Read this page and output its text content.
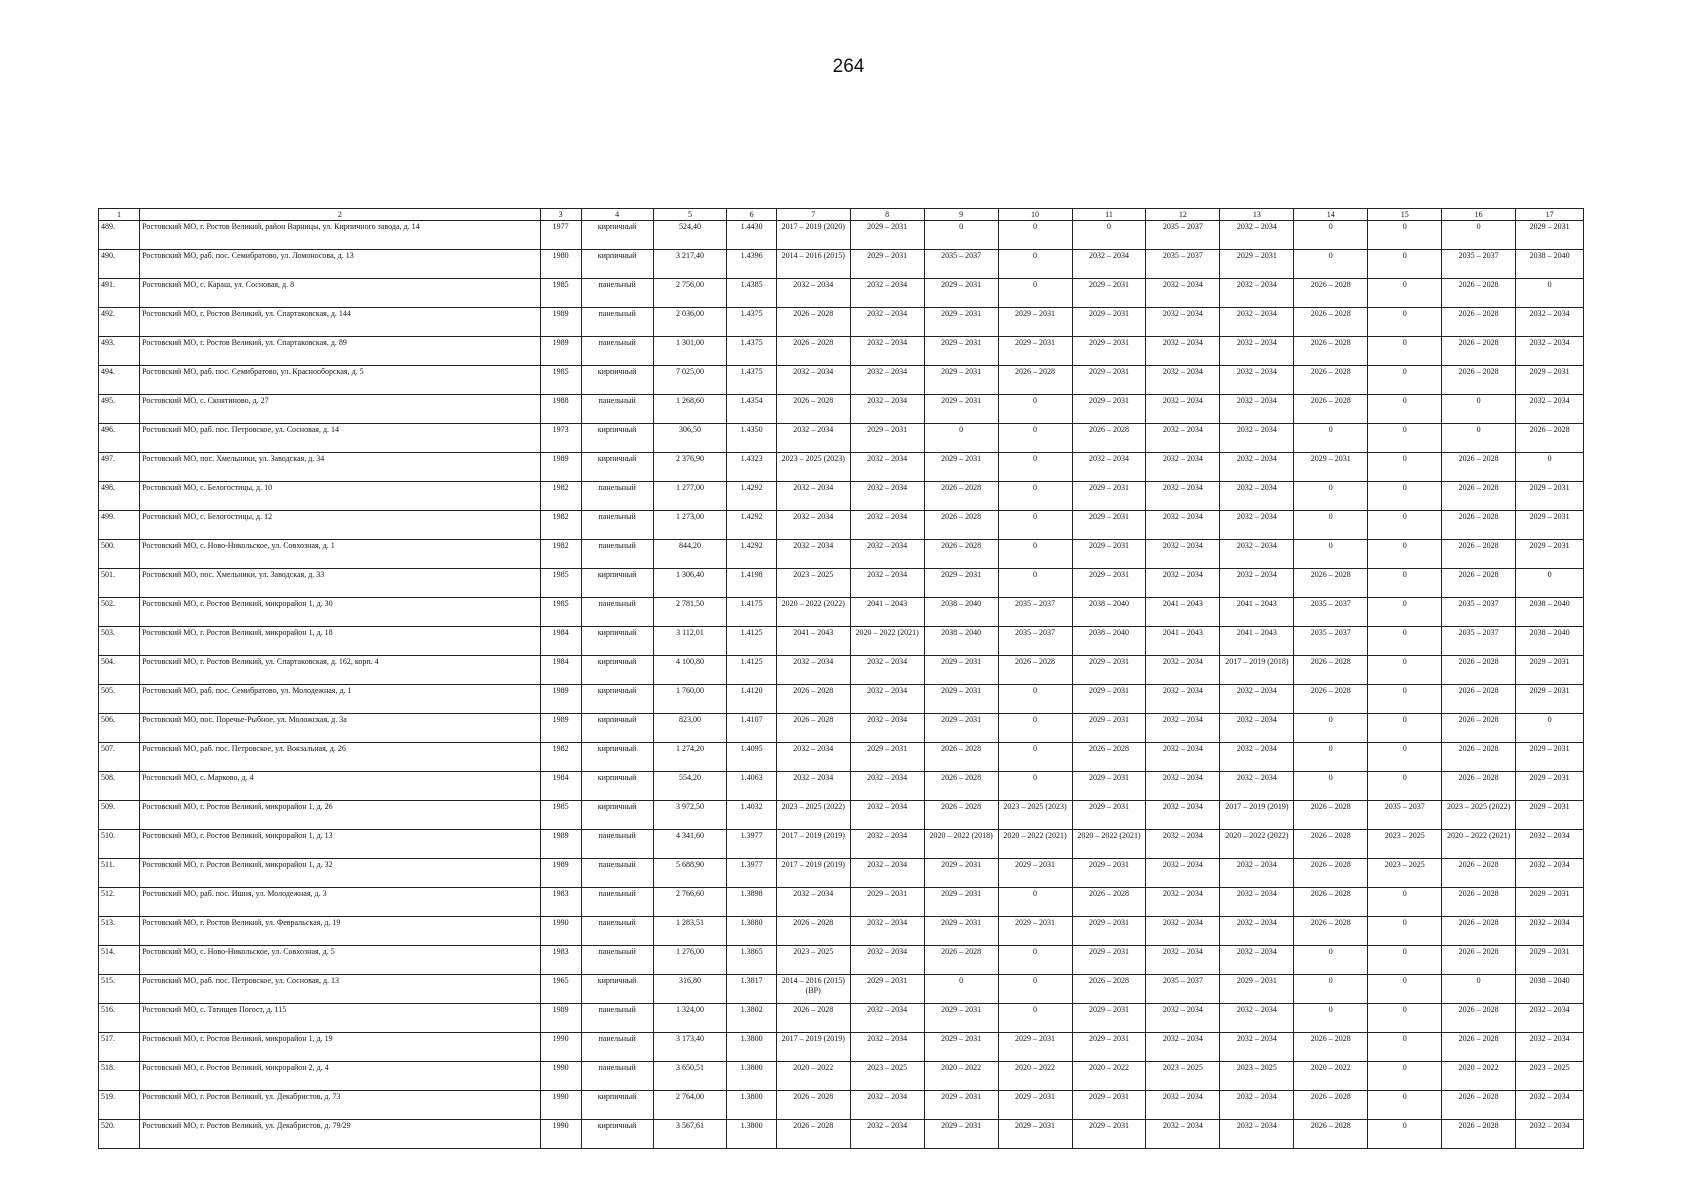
264
1	2	3	4	5	6	7	8	9	10	11	12	13	14	15	16	17
489.	Ростовский МО, г. Ростов Великий, район Варницы, ул. Кирпичного завода, д. 14	1977	кирпичный	524,40	1.4430	2017 – 2019 (2020)	2029 – 2031	0	0	0	2035 – 2037	2032 – 2034	0	0	0	2029 – 2031
490.	Ростовский МО, раб. пос. Семибратово, ул. Ломоносова, д. 13	1980	кирпичный	3 217,40	1.4396	2014 – 2016 (2015)	2029 – 2031	2035 – 2037	0	2032 – 2034	2035 – 2037	2029 – 2031	0	0	2035 – 2037	2038 – 2040
491.	Ростовский МО, с. Караш, ул. Сосновая, д. 8	1985	панельный	2 756,00	1.4385	2032 – 2034	2032 – 2034	2029 – 2031	0	2029 – 2031	2032 – 2034	2032 – 2034	2026 – 2028	0	2026 – 2028	0
492.	Ростовский МО, г. Ростов Великий, ул. Спартаковская, д. 144	1989	панельный	2 036,00	1.4375	2026 – 2028	2032 – 2034	2029 – 2031	2029 – 2031	2029 – 2031	2032 – 2034	2032 – 2034	2026 – 2028	0	2026 – 2028	2032 – 2034
493.	Ростовский МО, г. Ростов Великий, ул. Спартаковская, д. 89	1989	панельный	1 301,00	1.4375	2026 – 2028	2032 – 2034	2029 – 2031	2029 – 2031	2029 – 2031	2032 – 2034	2032 – 2034	2026 – 2028	0	2026 – 2028	2032 – 2034
494.	Ростовский МО, раб. пос. Семибратово, ул. Краснооборская, д. 5	1985	кирпичный	7 025,00	1.4375	2032 – 2034	2032 – 2034	2029 – 2031	2026 – 2028	2029 – 2031	2032 – 2034	2032 – 2034	2026 – 2028	0	2026 – 2028	2029 – 2031
495.	Ростовский МО, с. Скнятиново, д. 27	1988	панельный	1 268,60	1.4354	2026 – 2028	2032 – 2034	2029 – 2031	0	2029 – 2031	2032 – 2034	2032 – 2034	2026 – 2028	0	0	2032 – 2034
496.	Ростовский МО, раб. пос. Петровское, ул. Сосновая, д. 14	1973	кирпичный	306,50	1.4350	2032 – 2034	2029 – 2031	0	0	2026 – 2028	2032 – 2034	2032 – 2034	0	0	0	2026 – 2028
497.	Ростовский МО, пос. Хмельники, ул. Заводская, д. 34	1989	кирпичный	2 376,90	1.4323	2023 – 2025 (2023)	2032 – 2034	2029 – 2031	0	2032 – 2034	2032 – 2034	2032 – 2034	2029 – 2031	0	2026 – 2028	0
498.	Ростовский МО, с. Белогостицы, д. 10	1982	панельный	1 277,00	1.4292	2032 – 2034	2032 – 2034	2026 – 2028	0	2029 – 2031	2032 – 2034	2032 – 2034	0	0	2026 – 2028	2029 – 2031
499.	Ростовский МО, с. Белогостицы, д. 12	1982	панельный	1 273,00	1.4292	2032 – 2034	2032 – 2034	2026 – 2028	0	2029 – 2031	2032 – 2034	2032 – 2034	0	0	2026 – 2028	2029 – 2031
500.	Ростовский МО, с. Ново-Никольское, ул. Совхозная, д. 1	1982	панельный	844,20	1.4292	2032 – 2034	2032 – 2034	2026 – 2028	0	2029 – 2031	2032 – 2034	2032 – 2034	0	0	2026 – 2028	2029 – 2031
501.	Ростовский МО, пос. Хмельники, ул. Заводская, д. 33	1985	кирпичный	1 306,40	1.4198	2023 – 2025	2032 – 2034	2029 – 2031	0	2029 – 2031	2032 – 2034	2032 – 2034	2026 – 2028	0	2026 – 2028	0
502.	Ростовский МО, г. Ростов Великий, микрорайон 1, д. 30	1985	панельный	2 781,50	1.4175	2020 – 2022 (2022)	2041 – 2043	2038 – 2040	2035 – 2037	2038 – 2040	2041 – 2043	2041 – 2043	2035 – 2037	0	2035 – 2037	2038 – 2040
503.	Ростовский МО, г. Ростов Великий, микрорайон 1, д. 18	1984	кирпичный	3 112,01	1.4125	2041 – 2043	2020 – 2022 (2021)	2038 – 2040	2035 – 2037	2038 – 2040	2041 – 2043	2041 – 2043	2035 – 2037	0	2035 – 2037	2038 – 2040
504.	Ростовский МО, г. Ростов Великий, ул. Спартаковская, д. 162, корп. 4	1984	кирпичный	4 100,80	1.4125	2032 – 2034	2032 – 2034	2029 – 2031	2026 – 2028	2029 – 2031	2032 – 2034	2017 – 2019 (2018)	2026 – 2028	0	2026 – 2028	2029 – 2031
505.	Ростовский МО, раб. пос. Семибратово, ул. Молодежная, д. 1	1989	кирпичный	1 760,00	1.4120	2026 – 2028	2032 – 2034	2029 – 2031	0	2029 – 2031	2032 – 2034	2032 – 2034	2026 – 2028	0	2026 – 2028	2029 – 2031
506.	Ростовский МО, пос. Поречье-Рыбное, ул. Моложская, д. 3а	1989	кирпичный	823,00	1.4107	2026 – 2028	2032 – 2034	2029 – 2031	0	2029 – 2031	2032 – 2034	2032 – 2034	0	0	2026 – 2028	0
507.	Ростовский МО, раб. пос. Петровское, ул. Вокзальная, д. 26	1982	кирпичный	1 274,20	1.4095	2032 – 2034	2029 – 2031	2026 – 2028	0	2026 – 2028	2032 – 2034	2032 – 2034	0	0	2026 – 2028	2029 – 2031
508.	Ростовский МО, с. Марково, д. 4	1984	кирпичный	554,20	1.4063	2032 – 2034	2032 – 2034	2026 – 2028	0	2029 – 2031	2032 – 2034	2032 – 2034	0	0	2026 – 2028	2029 – 2031
509.	Ростовский МО, г. Ростов Великий, микрорайон 1, д. 26	1985	кирпичный	3 972,50	1.4032	2023 – 2025 (2022)	2032 – 2034	2026 – 2028	2023 – 2025 (2023)	2029 – 2031	2032 – 2034	2017 – 2019 (2019)	2026 – 2028	2035 – 2037	2023 – 2025 (2022)	2029 – 2031
510.	Ростовский МО, г. Ростов Великий, микрорайон 1, д. 13	1989	панельный	4 341,60	1.3977	2017 – 2019 (2019)	2032 – 2034	2020 – 2022 (2018)	2020 – 2022 (2021)	2020 – 2022 (2021)	2032 – 2034	2020 – 2022 (2022)	2026 – 2028	2023 – 2025	2020 – 2022 (2021)	2032 – 2034
511.	Ростовский МО, г. Ростов Великий, микрорайон 1, д. 32	1989	панельный	5 688,90	1.3977	2017 – 2019 (2019)	2032 – 2034	2029 – 2031	2029 – 2031	2029 – 2031	2032 – 2034	2032 – 2034	2026 – 2028	2023 – 2025	2026 – 2028	2032 – 2034
512.	Ростовский МО, раб. пос. Ишня, ул. Молодежная, д. 3	1983	панельный	2 766,60	1.3898	2032 – 2034	2029 – 2031	2029 – 2031	0	2026 – 2028	2032 – 2034	2032 – 2034	2026 – 2028	0	2026 – 2028	2029 – 2031
513.	Ростовский МО, г. Ростов Великий, ул. Февральская, д. 19	1990	панельный	1 283,51	1.3880	2026 – 2028	2032 – 2034	2029 – 2031	2029 – 2031	2029 – 2031	2032 – 2034	2032 – 2034	2026 – 2028	0	2026 – 2028	2032 – 2034
514.	Ростовский МО, с. Ново-Никольское, ул. Совхозная, д. 5	1983	панельный	1 276,00	1.3865	2023 – 2025	2032 – 2034	2026 – 2028	0	2029 – 2031	2032 – 2034	2032 – 2034	0	0	2026 – 2028	2029 – 2031
515.	Ростовский МО, раб. пос. Петровское, ул. Сосновая, д. 13	1965	кирпичный	316,80	1.3817	2014 – 2016 (2015) (ВР)	2029 – 2031	0	0	2026 – 2028	2035 – 2037	2029 – 2031	0	0	0	2038 – 2040
516.	Ростовский МО, с. Татищев Погост, д. 115	1989	панельный	1 324,00	1.3802	2026 – 2028	2032 – 2034	2029 – 2031	0	2029 – 2031	2032 – 2034	2032 – 2034	0	0	2026 – 2028	2032 – 2034
517.	Ростовский МО, г. Ростов Великий, микрорайон 1, д. 19	1990	панельный	3 173,40	1.3800	2017 – 2019 (2019)	2032 – 2034	2029 – 2031	2029 – 2031	2029 – 2031	2032 – 2034	2032 – 2034	2026 – 2028	0	2026 – 2028	2032 – 2034
518.	Ростовский МО, г. Ростов Великий, микрорайон 2, д. 4	1990	панельный	3 650,51	1.3800	2020 – 2022	2023 – 2025	2020 – 2022	2020 – 2022	2020 – 2022	2023 – 2025	2023 – 2025	2020 – 2022	0	2020 – 2022	2023 – 2025
519.	Ростовский МО, г. Ростов Великий, ул. Декабристов, д. 73	1990	кирпичный	2 764,00	1.3800	2026 – 2028	2032 – 2034	2029 – 2031	2029 – 2031	2029 – 2031	2032 – 2034	2032 – 2034	2026 – 2028	0	2026 – 2028	2032 – 2034
520.	Ростовский МО, г. Ростов Великий, ул. Декабристов, д. 79/29	1990	кирпичный	3 567,61	1.3800	2026 – 2028	2032 – 2034	2029 – 2031	2029 – 2031	2029 – 2031	2032 – 2034	2032 – 2034	2026 – 2028	0	2026 – 2028	2032 – 2034
